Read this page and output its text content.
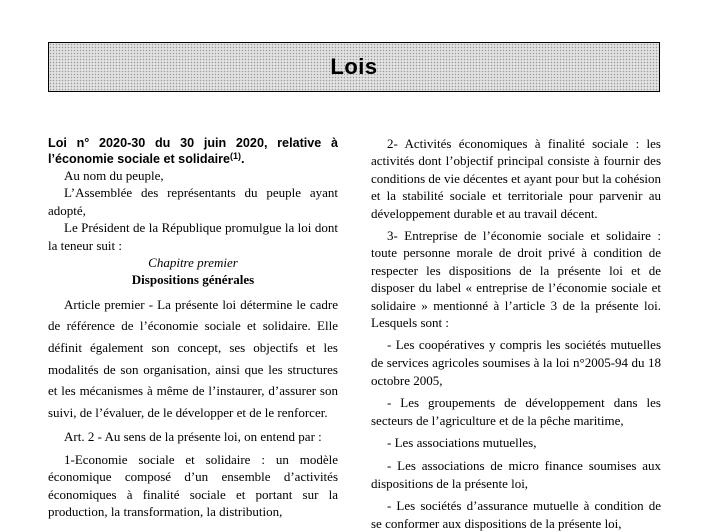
Lois
Loi n° 2020-30 du 30 juin 2020, relative à l’économie sociale et solidaire$^{(1)}$.

Au nom du peuple,

L’Assemblée des représentants du peuple ayant adopté,

Le Président de la République promulgue la loi dont la teneur suit :

Chapitre premier

Dispositions générales

Article premier - La présente loi détermine le cadre de référence de l’économie sociale et solidaire. Elle définit également son concept, ses objectifs et les modalités de son organisation, ainsi que les structures et les mécanismes à même de l’instaurer, d’assurer son suivi, de l’évaluer, de le développer et de le renforcer.

Art. 2 - Au sens de la présente loi, on entend par :

1-Economie sociale et solidaire : un modèle économique composé d’un ensemble d’activités économiques à finalité sociale et portant sur la production, la transformation, la distribution,

2- Activités économiques à finalité sociale : les activités dont l’objectif principal consiste à fournir des conditions de vie décentes et ayant pour but la cohésion et la stabilité sociale et territoriale pour parvenir au développement durable et au travail décent.

3- Entreprise de l’économie sociale et solidaire : toute personne morale de droit privé à condition de respecter les dispositions de la présente loi et de disposer du label « entreprise de l’économie sociale et solidaire » mentionné à l’article 3 de la présente loi. Lesquels sont :

- Les coopératives y compris les sociétés mutuelles de services agricoles soumises à la loi n°2005-94 du 18 octobre 2005,

- Les groupements de développement dans les secteurs de l’agriculture et de la pêche maritime,

- Les associations mutuelles,

- Les associations de micro finance soumises aux dispositions de la présente loi,

- Les sociétés d’assurance mutuelle à condition de se conformer aux dispositions de la présente loi,
